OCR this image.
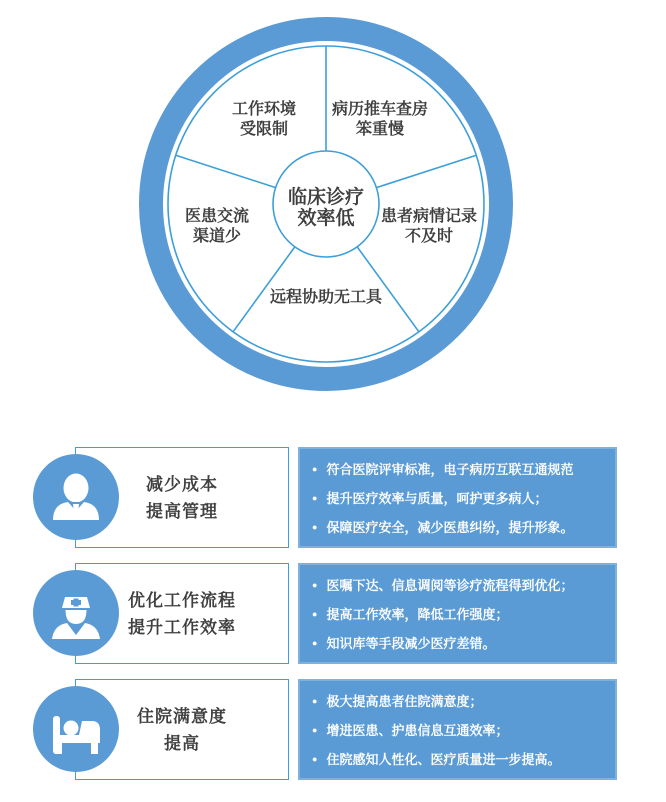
工作环境
受限制
病历推车查房
笨重慢
患者病情记录
不及时
远程协助无工具
医患交流
渠道少
临床诊疗
效率低
减少成本
提高管理
● 符合医院评审标准，电子病历互联互通规范
● 提升医疗效率与质量，呵护更多病人；
● 保障医疗安全，减少医患纠纷，提升形象。
优化工作流程
提升工作效率
● 医嘱下达、信息调阅等诊疗流程得到优化；
● 提高工作效率，降低工作强度；
● 知识库等手段减少医疗差错。
住院满意度
提高
● 极大提高患者住院满意度；
● 增进医患、护患信息互通效率；
● 住院感知人性化、医疗质量进一步提高。
